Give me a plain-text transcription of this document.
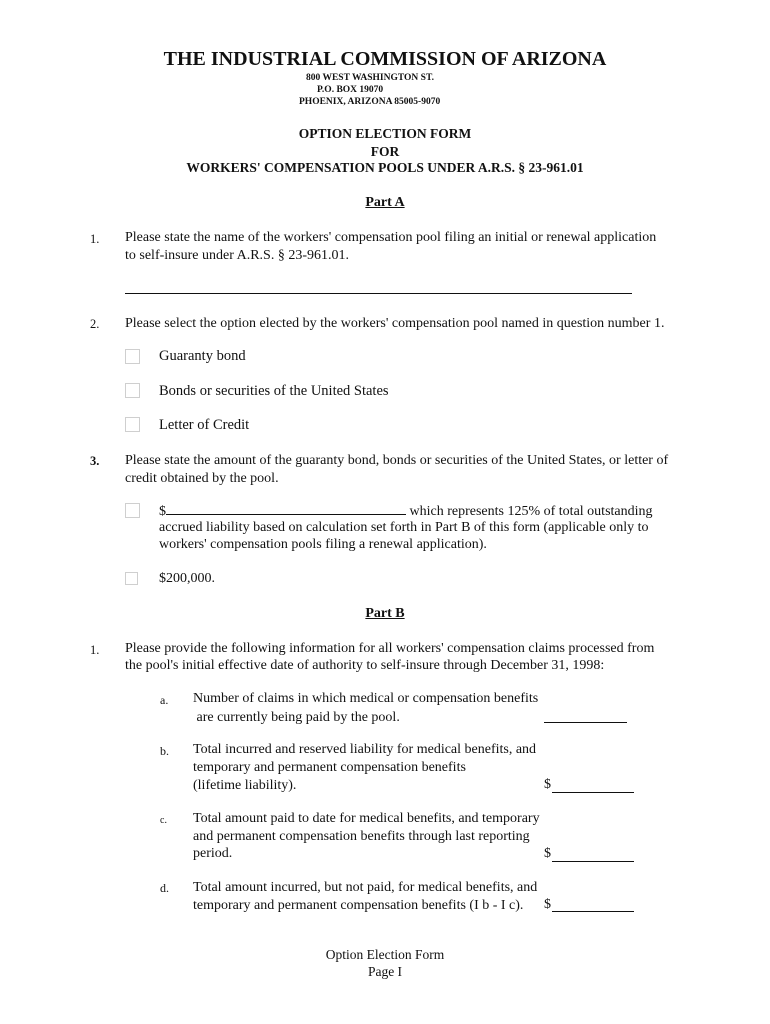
THE INDUSTRIAL COMMISSION OF ARIZONA
800 WEST WASHINGTON ST.
P.O. BOX 19070
PHOENIX, ARIZONA 85005-9070
OPTION ELECTION FORM
FOR
WORKERS' COMPENSATION POOLS UNDER A.R.S. § 23-961.01
Part A
1. Please state the name of the workers' compensation pool filing an initial or renewal application
to self-insure under A.R.S. § 23-961.01.
2. Please select the option elected by the workers' compensation pool named in question number 1.
Guaranty bond
Bonds or securities of the United States
Letter of Credit
3. Please state the amount of the guaranty bond, bonds or securities of the United States, or letter of
credit obtained by the pool.
$	which represents 125% of total outstanding
accrued liability based on calculation set forth in Part B of this form (applicable only to
workers' compensation pools filing a renewal application).
$200,000.
Part B
1. Please provide the following information for all workers' compensation claims processed from
the pool's initial effective date of authority to self-insure through December 31, 1998:
a. Number of claims in which medical or compensation benefits
are currently being paid by the pool.
b. Total incurred and reserved liability for medical benefits, and
temporary and permanent compensation benefits
(lifetime liability).	$
c. Total amount paid to date for medical benefits, and temporary
and permanent compensation benefits through last reporting
period.	$
d. Total amount incurred, but not paid, for medical benefits, and
temporary and permanent compensation benefits (I b - I c). $
Option Election Form
Page I
